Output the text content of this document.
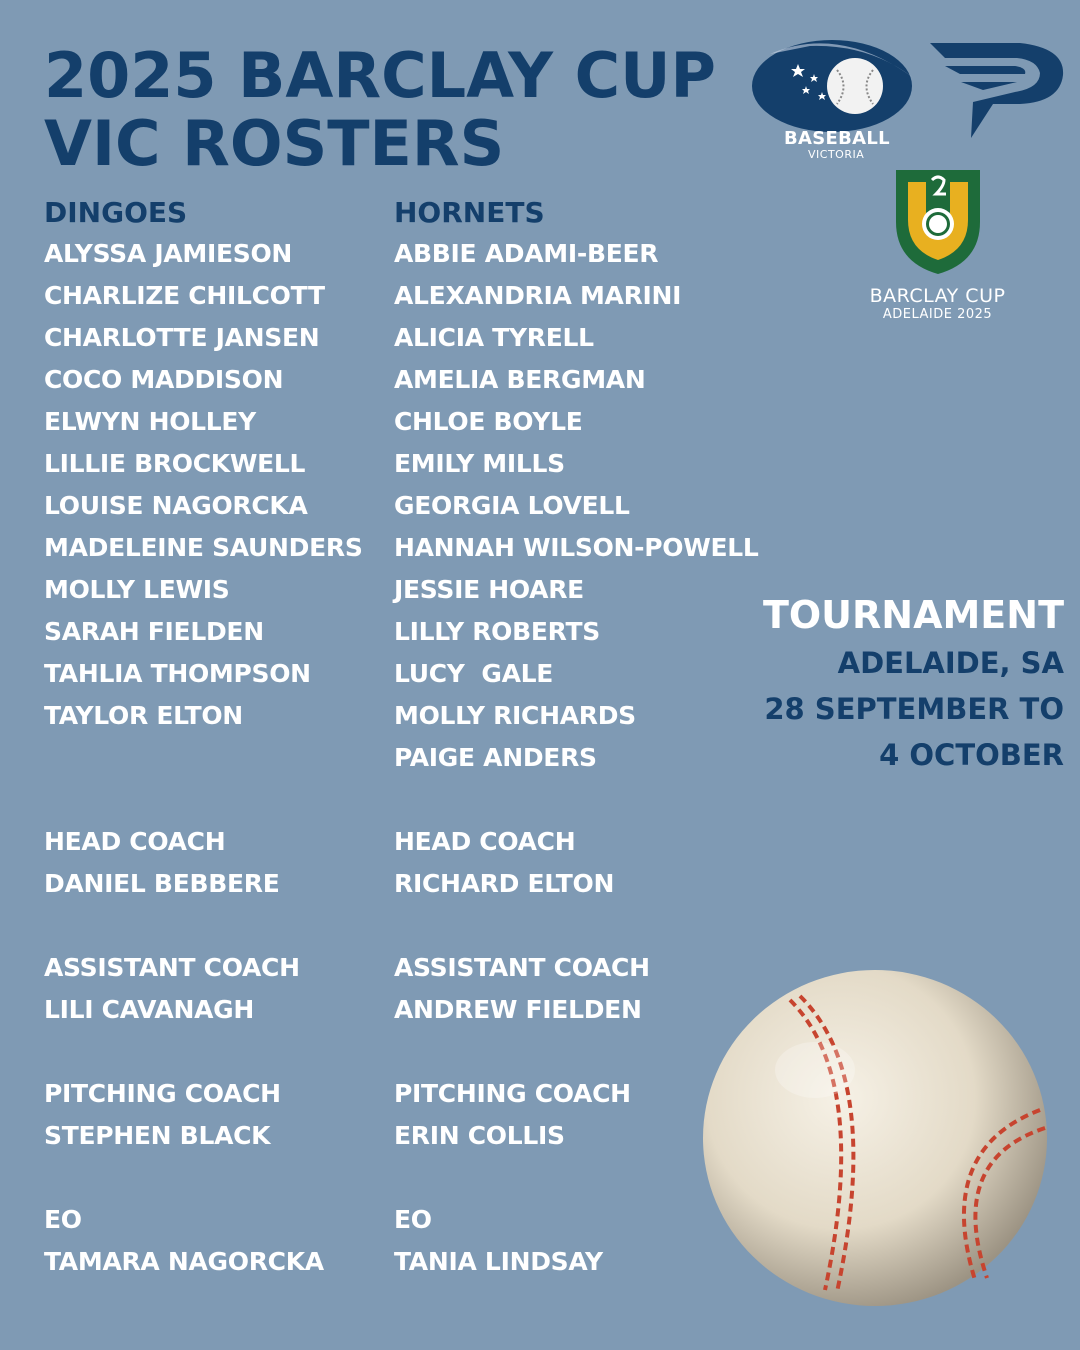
2025 BARCLAY CUP
VIC ROSTERS	BASEBALL
VICTORIA
BARCLAY CUP
ADELAIDE 2025
DINGOES
ALYSSA JAMIESON
CHARLIZE CHILCOTT
CHARLOTTE JANSEN
COCO MADDISON
ELWYN HOLLEY
LILLIE BROCKWELL
LOUISE NAGORCKA
MADELEINE SAUNDERS
MOLLY LEWIS
SARAH FIELDEN
TAHLIA THOMPSON
TAYLOR ELTON
HEAD COACH
DANIEL BEBBERE
ASSISTANT COACH
LILI CAVANAGH
PITCHING COACH
STEPHEN BLACK
EO
TAMARA NAGORCKA
HORNETS
ABBIE ADAMI-BEER
ALEXANDRIA MARINI
ALICIA TYRELL
AMELIA BERGMAN
CHLOE BOYLE
EMILY MILLS
GEORGIA LOVELL
HANNAH WILSON-POWELL
JESSIE HOARE
LILLY ROBERTS
LUCY  GALE
MOLLY RICHARDS
PAIGE ANDERS
HEAD COACH
RICHARD ELTON
ASSISTANT COACH
ANDREW FIELDEN
PITCHING COACH
ERIN COLLIS
EO
TANIA LINDSAY
TOURNAMENT
ADELAIDE, SA
28 SEPTEMBER TO
4 OCTOBER
